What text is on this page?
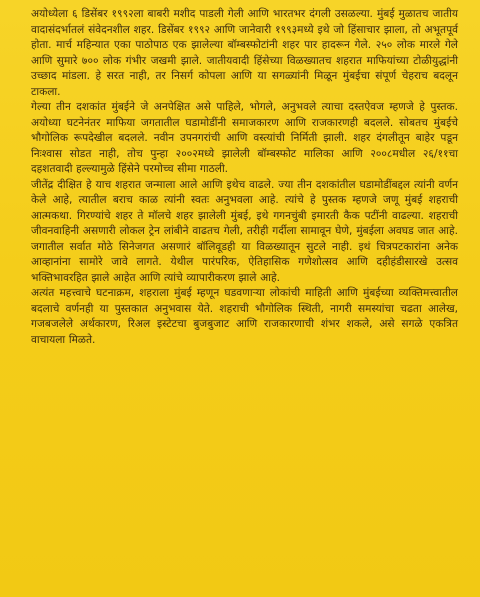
अयोध्येला ६ डिसेंबर १९९२ला बाबरी मशीद पाडली गेली आणि भारतभर दंगली उसळल्या. मुंबई मुळातच जातीय वादासंदर्भातलं संवेदनशील शहर. डिसेंबर १९९२ आणि जानेवारी १९९३मध्ये इथे जो हिंसाचार झाला, तो अभूतपूर्व होता. मार्च महिन्यात एका पाठोपाठ एक झालेल्या बॉम्बस्फोटांनी शहर पार हादरून गेले. २५० लोक मारले गेले आणि सुमारे ७०० लोक गंभीर जखमी झाले. जातीयवादी हिंसेच्या विळख्यातच शहरात माफियांच्या टोळीयुद्धांनी उच्छाद मांडला. हे सरत नाही, तर निसर्ग कोपला आणि या सगळ्यांनी मिळून मुंबईचा संपूर्ण चेहराच बदलून टाकला.

गेल्या तीन दशकांत मुंबईने जे अनपेक्षित असे पाहिले, भोगले, अनुभवले त्याचा दस्तऐवज म्हणजे हे पुस्तक. अयोध्या घटनेनंतर माफिया जगतातील घडामोडींनी समाजकारण आणि राजकारणही बदलले. सोबतच मुंबईचे भौगोलिक रूपदेखील बदलले. नवीन उपनगरांची आणि वस्त्यांची निर्मिती झाली. शहर दंगलीतून बाहेर पडून निःश्वास सोडत नाही, तोच पुन्हा २००२मध्ये झालेली बॉम्बस्फोट मालिका आणि २००८मधील २६/११चा दहशतवादी हल्ल्यामुळे हिंसेने परमोच्च सीमा गाठली.

जीतेंद्र दीक्षित हे याच शहरात जन्माला आले आणि इथेच वाढले. ज्या तीन दशकांतील घडामोडींबद्दल त्यांनी वर्णन केले आहे, त्यातील बराच काळ त्यांनी स्वतः अनुभवला आहे. त्यांचे हे पुस्तक म्हणजे जणू मुंबई शहराची आत्मकथा. गिरण्यांचे शहर ते मॉलचे शहर झालेली मुंबई, इथे गगनचुंबी इमारती कैक पटींनी वाढल्या. शहराची जीवनवाहिनी असणारी लोकल ट्रेन लांबीने वाढतच गेली, तरीही गर्दीला सामावून घेणे, मुंबईला अवघड जात आहे. जगातील सर्वात मोठे सिनेजगत असणारं बॉलिवूडही या विळख्यातून सुटले नाही. इथं चित्रपटकारांना अनेक आव्हानांना सामोरे जावे लागते. येथील पारंपरिक, ऐतिहासिक गणेशोत्सव आणि दहीहंडीसारखे उत्सव भक्तिभावरहित झाले आहेत आणि त्यांचे व्यापारीकरण झाले आहे.

अत्यंत महत्त्वाचे घटनाक्रम, शहराला मुंबई म्हणून घडवणाऱ्या लोकांची माहिती आणि मुंबईच्या व्यक्तिमत्त्वातील बदलाचे वर्णनही या पुस्तकात अनुभवास येते. शहराची भौगोलिक स्थिती, नागरी समस्यांचा चढता आलेख, गजबजलेले अर्थकारण, रिअल इस्टेटचा बुजबुजाट आणि राजकारणाची शंभर शकले, असे सगळे एकत्रित वाचायला मिळते.
